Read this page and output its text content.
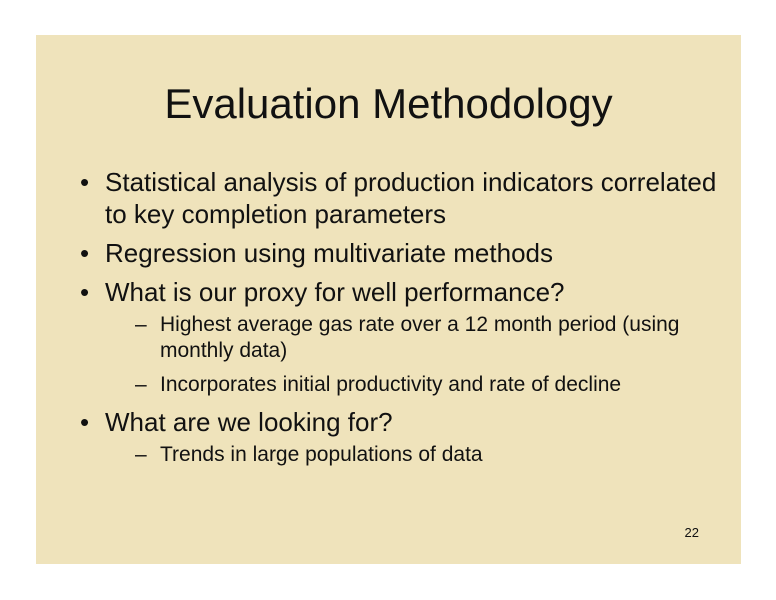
Evaluation Methodology
• Statistical analysis of production indicators correlated to key completion parameters
• Regression using multivariate methods
• What is our proxy for well performance?
– Highest average gas rate over a 12 month period (using monthly data)
– Incorporates initial productivity and rate of decline
• What are we looking for?
– Trends in large populations of data
22
